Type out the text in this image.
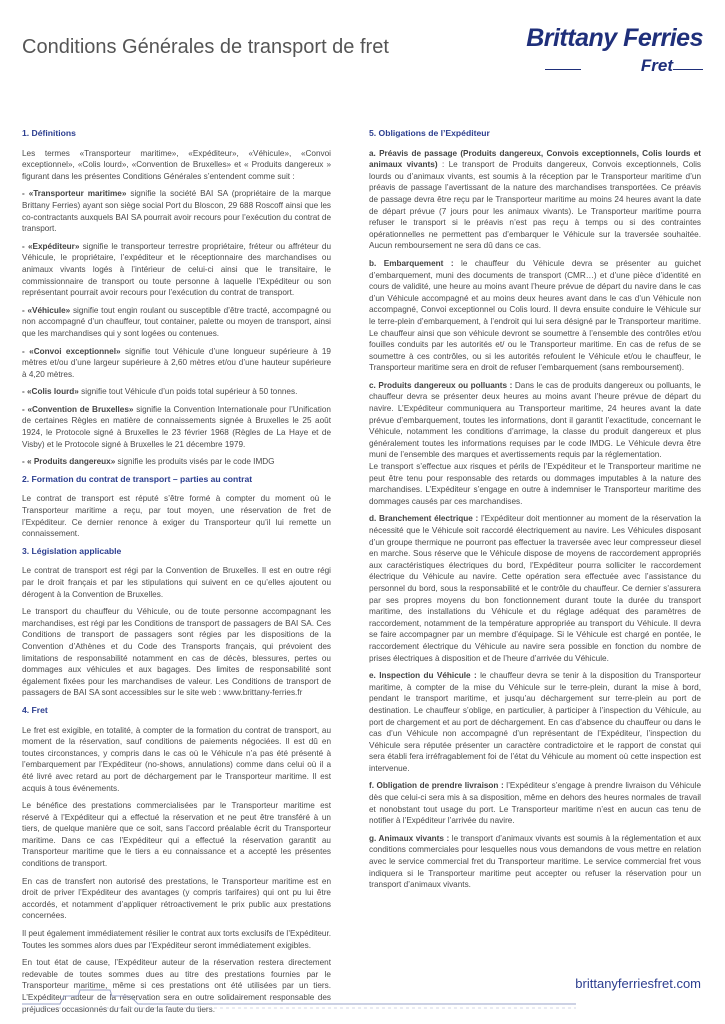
Conditions Générales de transport de fret	Brittany Ferries
Fret
1. Définitions

Les termes «Transporteur maritime», «Expéditeur», «Véhicule», «Convoi exceptionnel», «Colis lourd», «Convention de Bruxelles» et « Produits dangereux » figurant dans les présentes Conditions Générales s’entendent comme suit :

- «Transporteur maritime» signifie la société BAI SA (propriétaire de la marque Brittany Ferries) ayant son siège social Port du Bloscon, 29 688 Roscoff ainsi que les co-contractants auxquels BAI SA pourrait avoir recours pour l’exécution du contrat de transport.

- «Expéditeur» signifie le transporteur terrestre propriétaire, fréteur ou affréteur du Véhicule, le propriétaire, l’expéditeur et le réceptionnaire des marchandises ou animaux vivants logés à l’intérieur de celui-ci ainsi que le transitaire, le commissionnaire de transport ou toute personne à laquelle l’Expéditeur ou son représentant pourrait avoir recours pour l’exécution du contrat de transport.

- «Véhicule» signifie tout engin roulant ou susceptible d’être tracté, accompagné ou non accompagné d’un chauffeur, tout container, palette ou moyen de transport, ainsi que les marchandises qui y sont logées ou contenues.

- «Convoi exceptionnel» signifie tout Véhicule d’une longueur supérieure à 19 mètres et/ou d’une largeur supérieure à 2,60 mètres et/ou d’une hauteur supérieure à 4,20 mètres.

- «Colis lourd» signifie tout Véhicule d’un poids total supérieur à 50 tonnes.

- «Convention de Bruxelles» signifie la Convention Internationale pour l’Unification de certaines Règles en matière de connaissements signée à Bruxelles le 25 août 1924, le Protocole signé à Bruxelles le 23 février 1968 (Règles de La Haye et de Visby) et le Protocole signé à Bruxelles le 21 décembre 1979.

- « Produits dangereux» signifie les produits visés par le code IMDG

2. Formation du contrat de transport – parties au contrat

Le contrat de transport est réputé s’être formé à compter du moment où le Transporteur maritime a reçu, par tout moyen, une réservation de fret de l’Expéditeur. Ce dernier renonce à exiger du Transporteur qu’il lui remette un connaissement.

3. Législation applicable

Le contrat de transport est régi par la Convention de Bruxelles. Il est en outre régi par le droit français et par les stipulations qui suivent en ce qu’elles ajoutent ou dérogent à la Convention de Bruxelles.

Le transport du chauffeur du Véhicule, ou de toute personne accompagnant les marchandises, est régi par les Conditions de transport de passagers de BAI SA. Ces Conditions de transport de passagers sont régies par les dispositions de la Convention d’Athènes et du Code des Transports français, qui prévoient des limitations de responsabilité notamment en cas de décès, blessures, pertes ou dommages aux véhicules et aux bagages. Des limites de responsabilité sont également fixées pour les marchandises de valeur. Les Conditions de transport de passagers de BAI SA sont accessibles sur le site web : www.brittany-ferries.fr

4. Fret

Le fret est exigible, en totalité, à compter de la formation du contrat de transport, au moment de la réservation, sauf conditions de paiements négociées. Il est dû en toutes circonstances, y compris dans le cas où le Véhicule n’a pas été présenté à l’embarquement par l’Expéditeur (no-shows, annulations) comme dans celui où il a été livré avec retard au port de déchargement par le Transporteur maritime. Il est acquis à tous événements.

Le bénéfice des prestations commercialisées par le Transporteur maritime est réservé à l’Expéditeur qui a effectué la réservation et ne peut être transféré à un tiers, de quelque manière que ce soit, sans l’accord préalable écrit du Transporteur maritime. Dans ce cas l’Expéditeur qui a effectué la réservation garantit au Transporteur maritime que le tiers a eu connaissance et a accepté les présentes conditions de transport.

En cas de transfert non autorisé des prestations, le Transporteur maritime est en droit de priver l’Expéditeur des avantages (y compris tarifaires) qui ont pu lui être accordés, et notamment d’appliquer rétroactivement le prix public aux prestations concernées.

Il peut également immédiatement résilier le contrat aux torts exclusifs de l’Expéditeur. Toutes les sommes alors dues par l’Expéditeur seront immédiatement exigibles.

En tout état de cause, l’Expéditeur auteur de la réservation restera directement redevable de toutes sommes dues au titre des prestations fournies par le Transporteur maritime, même si ces prestations ont été utilisées par un tiers. L’Expéditeur auteur de la réservation sera en outre solidairement responsable des préjudices occasionnés du fait ou de la faute du tiers.

5. Obligations de l’Expéditeur

a. Préavis de passage (Produits dangereux, Convois exceptionnels, Colis lourds et animaux vivants) : Le transport de Produits dangereux, Convois exceptionnels, Colis lourds ou d’animaux vivants, est soumis à la réception par le Transporteur maritime d’un préavis de passage l’avertissant de la nature des marchandises transportées. Ce préavis de passage devra être reçu par le Transporteur maritime au moins 24 heures avant la date de départ prévue (7 jours pour les animaux vivants). Le Transporteur maritime pourra refuser le transport si le préavis n’est pas reçu à temps ou si des contraintes opérationnelles ne permettent pas d’embarquer le Véhicule sur la traversée souhaitée. Aucun remboursement ne sera dû dans ce cas.

b. Embarquement : le chauffeur du Véhicule devra se présenter au guichet d’embarquement, muni des documents de transport (CMR…) et d’une pièce d’identité en cours de validité, une heure au moins avant l’heure prévue de départ du navire dans le cas d’un Véhicule accompagné et au moins deux heures avant dans le cas d’un Véhicule non accompagné, Convoi exceptionnel ou Colis lourd. Il devra ensuite conduire le Véhicule sur le terre-plein d’embarquement, à l’endroit qui lui sera désigné par le Transporteur maritime. Le chauffeur ainsi que son véhicule devront se soumettre à l’ensemble des contrôles et/ou fouilles conduits par les autorités et/ ou le Transporteur maritime. En cas de refus de se soumettre à ces contrôles, ou si les autorités refoulent le Véhicule et/ou le chauffeur, le Transporteur maritime sera en droit de refuser l’embarquement (sans remboursement).

c. Produits dangereux ou polluants : Dans le cas de produits dangereux ou polluants, le chauffeur devra se présenter deux heures au moins avant l’heure prévue de départ du navire. L’Expéditeur communiquera au Transporteur maritime, 24 heures avant la date prévue d’embarquement, toutes les informations, dont il garantit l’exactitude, concernant le Véhicule, notamment les conditions d’arrimage, la classe du produit dangereux et plus généralement toutes les informations requises par le code IMDG. Le Véhicule devra être muni de l’ensemble des marques et avertissements requis par la réglementation.

Le transport s’effectue aux risques et périls de l’Expéditeur et le Transporteur maritime ne peut être tenu pour responsable des retards ou dommages imputables à la nature des marchandises. L’Expéditeur s’engage en outre à indemniser le Transporteur maritime des dommages causés par ces marchandises.

d. Branchement électrique : l’Expéditeur doit mentionner au moment de la réservation la nécessité que le Véhicule soit raccordé électriquement au navire. Les Véhicules disposant d’un groupe thermique ne pourront pas effectuer la traversée avec leur compresseur diesel en marche. Sous réserve que le Véhicule dispose de moyens de raccordement appropriés aux caractéristiques électriques du bord, l’Expéditeur pourra solliciter le raccordement électrique du Véhicule au navire. Cette opération sera effectuée avec l’assistance du personnel du bord, sous la responsabilité et le contrôle du chauffeur. Ce dernier s’assurera par ses propres moyens du bon fonctionnement durant toute la durée du transport maritime, des installations du Véhicule et du réglage adéquat des paramètres de raccordement, notamment de la température appropriée au transport du Véhicule. Il devra se faire accompagner par un membre d’équipage. Si le Véhicule est chargé en pontée, le raccordement électrique du Véhicule au navire sera possible en fonction du nombre de prises électriques à disposition et de l’heure d’arrivée du Véhicule.

e. Inspection du Véhicule : le chauffeur devra se tenir à la disposition du Transporteur maritime, à compter de la mise du Véhicule sur le terre-plein, durant la mise à bord, pendant le transport maritime, et jusqu’au déchargement sur terre-plein au port de destination. Le chauffeur s’oblige, en particulier, à participer à l’inspection du Véhicule, au port de chargement et au port de déchargement. En cas d’absence du chauffeur ou dans le cas d’un Véhicule non accompagné d’un représentant de l’Expéditeur, l’inspection du Véhicule sera réputée présenter un caractère contradictoire et le rapport de constat qui sera établi fera irréfragablement foi de l’état du Véhicule au moment où cette inspection est intervenue.

f. Obligation de prendre livraison : l’Expéditeur s’engage à prendre livraison du Véhicule dès que celui-ci sera mis à sa disposition, même en dehors des heures normales de travail et nonobstant tout usage du port. Le Transporteur maritime n’est en aucun cas tenu de notifier à l’Expéditeur l’arrivée du navire.

g. Animaux vivants : le transport d’animaux vivants est soumis à la réglementation et aux conditions commerciales pour lesquelles nous vous demandons de vous mettre en relation avec le service commercial fret du Transporteur maritime. Le service commercial fret vous indiquera si le Transporteur maritime peut accepter ou refuser la réservation pour un transport d’animaux vivants.

brittanyferriesfret.com
